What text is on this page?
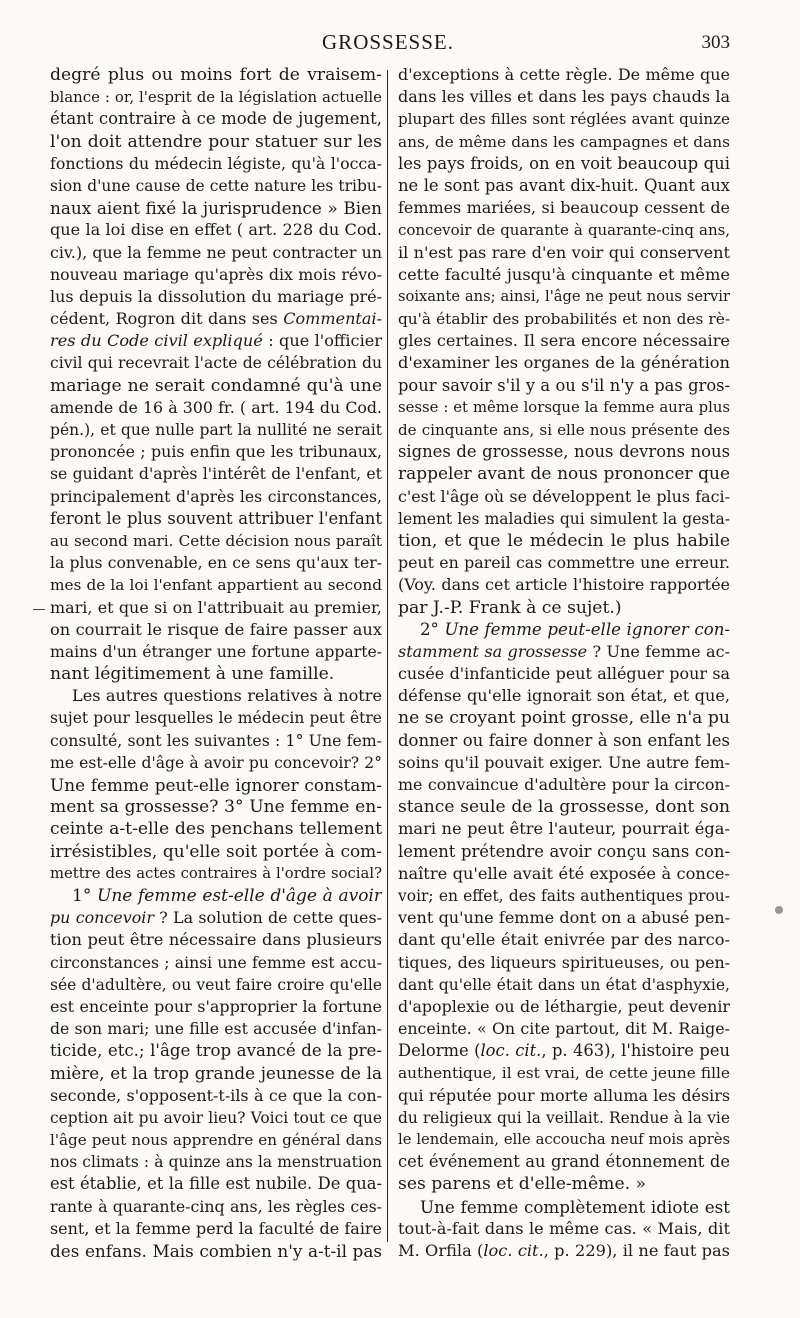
GROSSESSE.	303
degré plus ou moins fort de vraisem-
blance : or, l'esprit de la législation actuelle
étant contraire à ce mode de jugement,
l'on doit attendre pour statuer sur les
fonctions du médecin légiste, qu'à l'occa-
sion d'une cause de cette nature les tribu-
naux aient fixé la jurisprudence » Bien
que la loi dise en effet ( art. 228 du Cod.
civ.), que la femme ne peut contracter un
nouveau mariage qu'après dix mois révo-
lus depuis la dissolution du mariage pré-
cédent, Rogron dit dans ses Commentai-
res du Code civil expliqué : que l'officier
civil qui recevrait l'acte de célébration du
mariage ne serait condamné qu'à une
amende de 16 à 300 fr. ( art. 194 du Cod.
pén.), et que nulle part la nullité ne serait
prononcée ; puis enfin que les tribunaux,
se guidant d'après l'intérêt de l'enfant, et
principalement d'après les circonstances,
feront le plus souvent attribuer l'enfant
au second mari. Cette décision nous paraît
la plus convenable, en ce sens qu'aux ter-
mes de la loi l'enfant appartient au second
mari, et que si on l'attribuait au premier,
on courrait le risque de faire passer aux
mains d'un étranger une fortune apparte-
nant légitimement à une famille.
Les autres questions relatives à notre
sujet pour lesquelles le médecin peut être
consulté, sont les suivantes : 1° Une fem-
me est-elle d'âge à avoir pu concevoir? 2°
Une femme peut-elle ignorer constam-
ment sa grossesse? 3° Une femme en-
ceinte a-t-elle des penchans tellement
irrésistibles, qu'elle soit portée à com-
mettre des actes contraires à l'ordre social?
1° Une femme est-elle d'âge à avoir
pu concevoir ? La solution de cette ques-
tion peut être nécessaire dans plusieurs
circonstances ; ainsi une femme est accu-
sée d'adultère, ou veut faire croire qu'elle
est enceinte pour s'approprier la fortune
de son mari; une fille est accusée d'infan-
ticide, etc.; l'âge trop avancé de la pre-
mière, et la trop grande jeunesse de la
seconde, s'opposent-t-ils à ce que la con-
ception ait pu avoir lieu? Voici tout ce que
l'âge peut nous apprendre en général dans
nos climats : à quinze ans la menstruation
est établie, et la fille est nubile. De qua-
rante à quarante-cinq ans, les règles ces-
sent, et la femme perd la faculté de faire
des enfans. Mais combien n'y a-t-il pas
d'exceptions à cette règle. De même que
dans les villes et dans les pays chauds la
plupart des filles sont réglées avant quinze
ans, de même dans les campagnes et dans
les pays froids, on en voit beaucoup qui
ne le sont pas avant dix-huit. Quant aux
femmes mariées, si beaucoup cessent de
concevoir de quarante à quarante-cinq ans,
il n'est pas rare d'en voir qui conservent
cette faculté jusqu'à cinquante et même
soixante ans; ainsi, l'âge ne peut nous servir
qu'à établir des probabilités et non des rè-
gles certaines. Il sera encore nécessaire
d'examiner les organes de la génération
pour savoir s'il y a ou s'il n'y a pas gros-
sesse : et même lorsque la femme aura plus
de cinquante ans, si elle nous présente des
signes de grossesse, nous devrons nous
rappeler avant de nous prononcer que
c'est l'âge où se développent le plus faci-
lement les maladies qui simulent la gesta-
tion, et que le médecin le plus habile
peut en pareil cas commettre une erreur.
(Voy. dans cet article l'histoire rapportée
par J.-P. Frank à ce sujet.)
2° Une femme peut-elle ignorer con-
stamment sa grossesse ? Une femme ac-
cusée d'infanticide peut alléguer pour sa
défense qu'elle ignorait son état, et que,
ne se croyant point grosse, elle n'a pu
donner ou faire donner à son enfant les
soins qu'il pouvait exiger. Une autre fem-
me convaincue d'adultère pour la circon-
stance seule de la grossesse, dont son
mari ne peut être l'auteur, pourrait éga-
lement prétendre avoir conçu sans con-
naître qu'elle avait été exposée à conce-
voir; en effet, des faits authentiques prou-
vent qu'une femme dont on a abusé pen-
dant qu'elle était enivrée par des narco-
tiques, des liqueurs spiritueuses, ou pen-
dant qu'elle était dans un état d'asphyxie,
d'apoplexie ou de léthargie, peut devenir
enceinte. « On cite partout, dit M. Raige-
Delorme (loc. cit., p. 463), l'histoire peu
authentique, il est vrai, de cette jeune fille
qui réputée pour morte alluma les désirs
du religieux qui la veillait. Rendue à la vie
le lendemain, elle accoucha neuf mois après
cet événement au grand étonnement de
ses parens et d'elle-même. »
Une femme complètement idiote est
tout-à-fait dans le même cas. « Mais, dit
M. Orfila (loc. cit., p. 229), il ne faut pas
